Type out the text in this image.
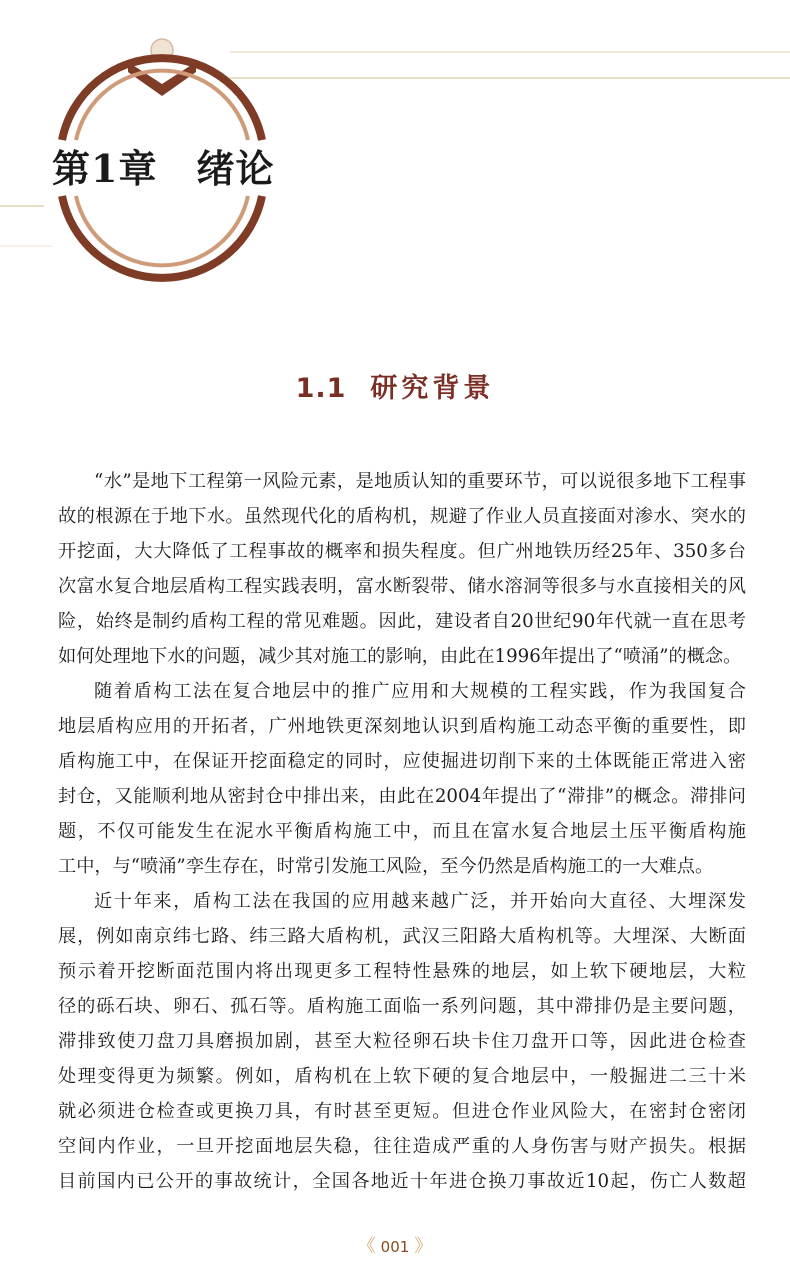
第1章　绪论
1.1 研究背景
“水”是地下工程第一风险元素，是地质认知的重要环节，可以说很多地下工程事
故的根源在于地下水。虽然现代化的盾构机，规避了作业人员直接面对渗水、突水的
开挖面，大大降低了工程事故的概率和损失程度。但广州地铁历经25年、350多台
次富水复合地层盾构工程实践表明，富水断裂带、储水溶洞等很多与水直接相关的风
险，始终是制约盾构工程的常见难题。因此，建设者自20世纪90年代就一直在思考
如何处理地下水的问题，减少其对施工的影响，由此在1996年提出了“喷涌”的概念。
随着盾构工法在复合地层中的推广应用和大规模的工程实践，作为我国复合
地层盾构应用的开拓者，广州地铁更深刻地认识到盾构施工动态平衡的重要性，即
盾构施工中，在保证开挖面稳定的同时，应使掘进切削下来的土体既能正常进入密
封仓，又能顺利地从密封仓中排出来，由此在2004年提出了“滞排”的概念。滞排问
题，不仅可能发生在泥水平衡盾构施工中，而且在富水复合地层土压平衡盾构施
工中，与“喷涌”孪生存在，时常引发施工风险，至今仍然是盾构施工的一大难点。
近十年来，盾构工法在我国的应用越来越广泛，并开始向大直径、大埋深发
展，例如南京纬七路、纬三路大盾构机，武汉三阳路大盾构机等。大埋深、大断面
预示着开挖断面范围内将出现更多工程特性悬殊的地层，如上软下硬地层，大粒
径的砾石块、卵石、孤石等。盾构施工面临一系列问题，其中滞排仍是主要问题，
滞排致使刀盘刀具磨损加剧，甚至大粒径卵石块卡住刀盘开口等，因此进仓检查
处理变得更为频繁。例如，盾构机在上软下硬的复合地层中，一般掘进二三十米
就必须进仓检查或更换刀具，有时甚至更短。但进仓作业风险大，在密封仓密闭
空间内作业，一旦开挖面地层失稳，往往造成严重的人身伤害与财产损失。根据
目前国内已公开的事故统计，全国各地近十年进仓换刀事故近10起，伤亡人数超
《 001 》
